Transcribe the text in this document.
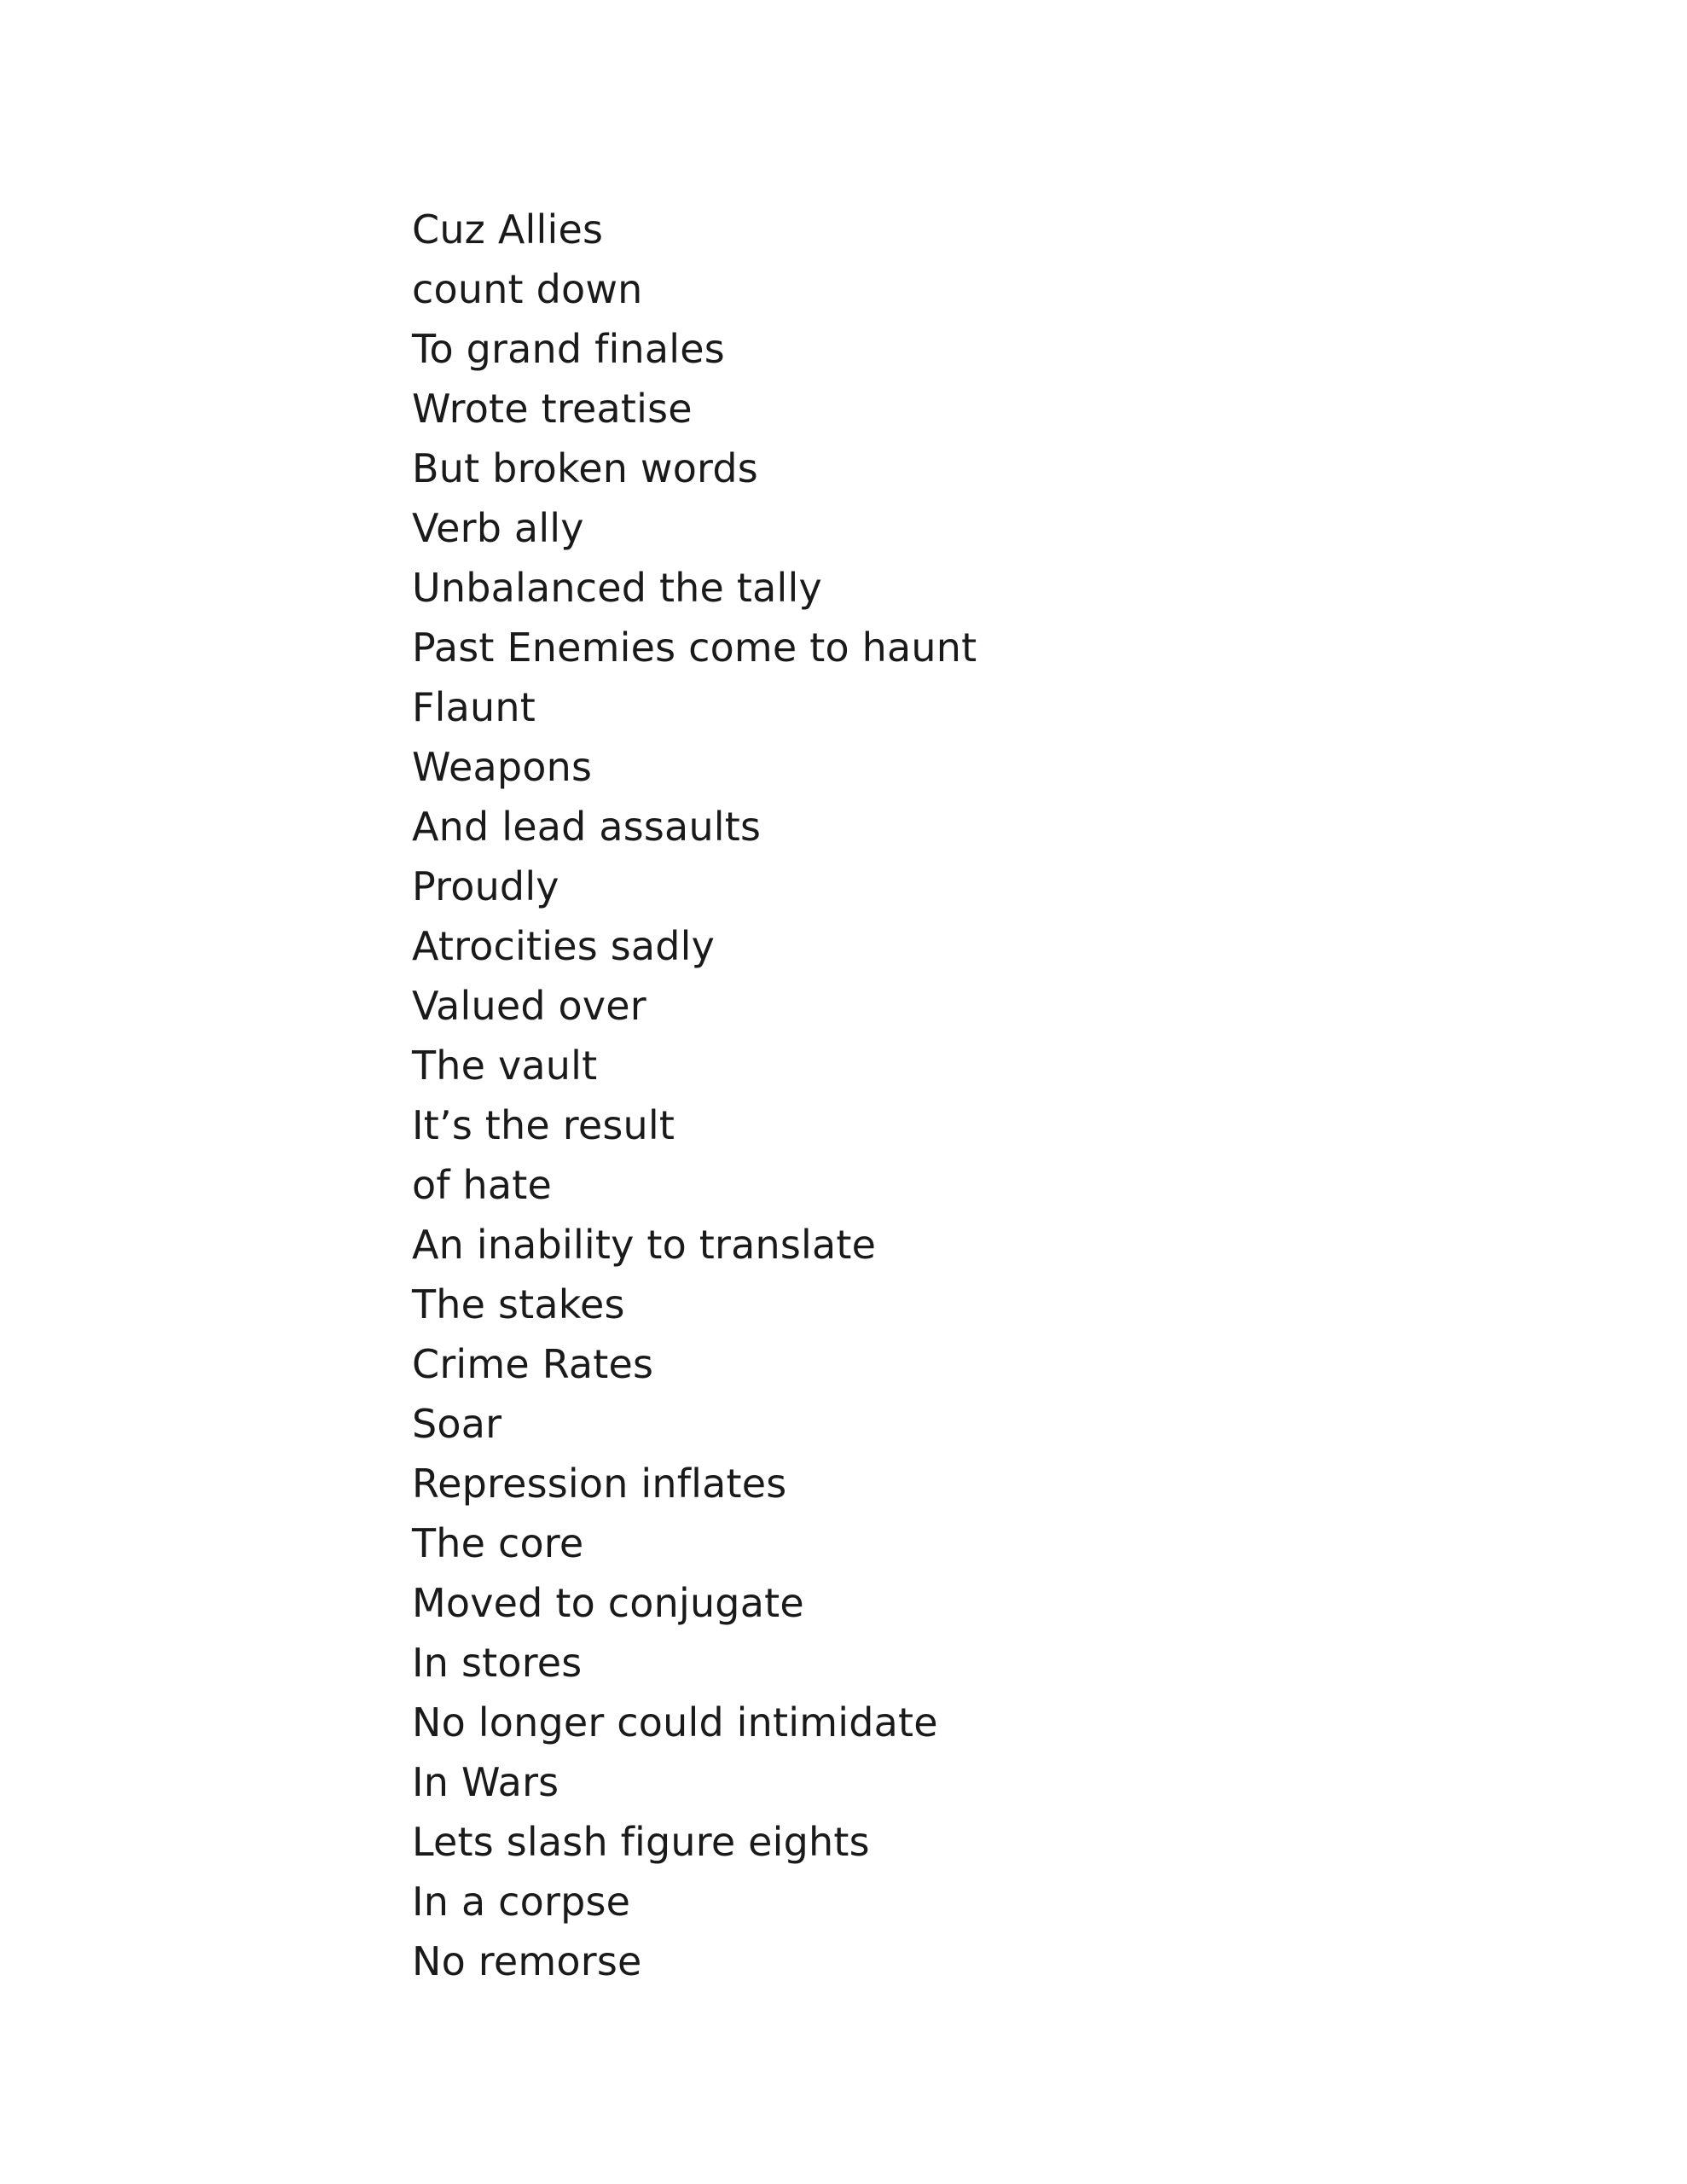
Cuz Allies
count down
To grand finales
Wrote treatise
But broken words
Verb ally
Unbalanced the tally
Past Enemies come to haunt
Flaunt
Weapons
And lead assaults
Proudly
Atrocities sadly
Valued over
The vault
It’s the result
of hate
An inability to translate
The stakes
Crime Rates
Soar
Repression inflates
The core
Moved to conjugate
In stores
No longer could intimidate
In Wars
Lets slash figure eights
In a corpse
No remorse
